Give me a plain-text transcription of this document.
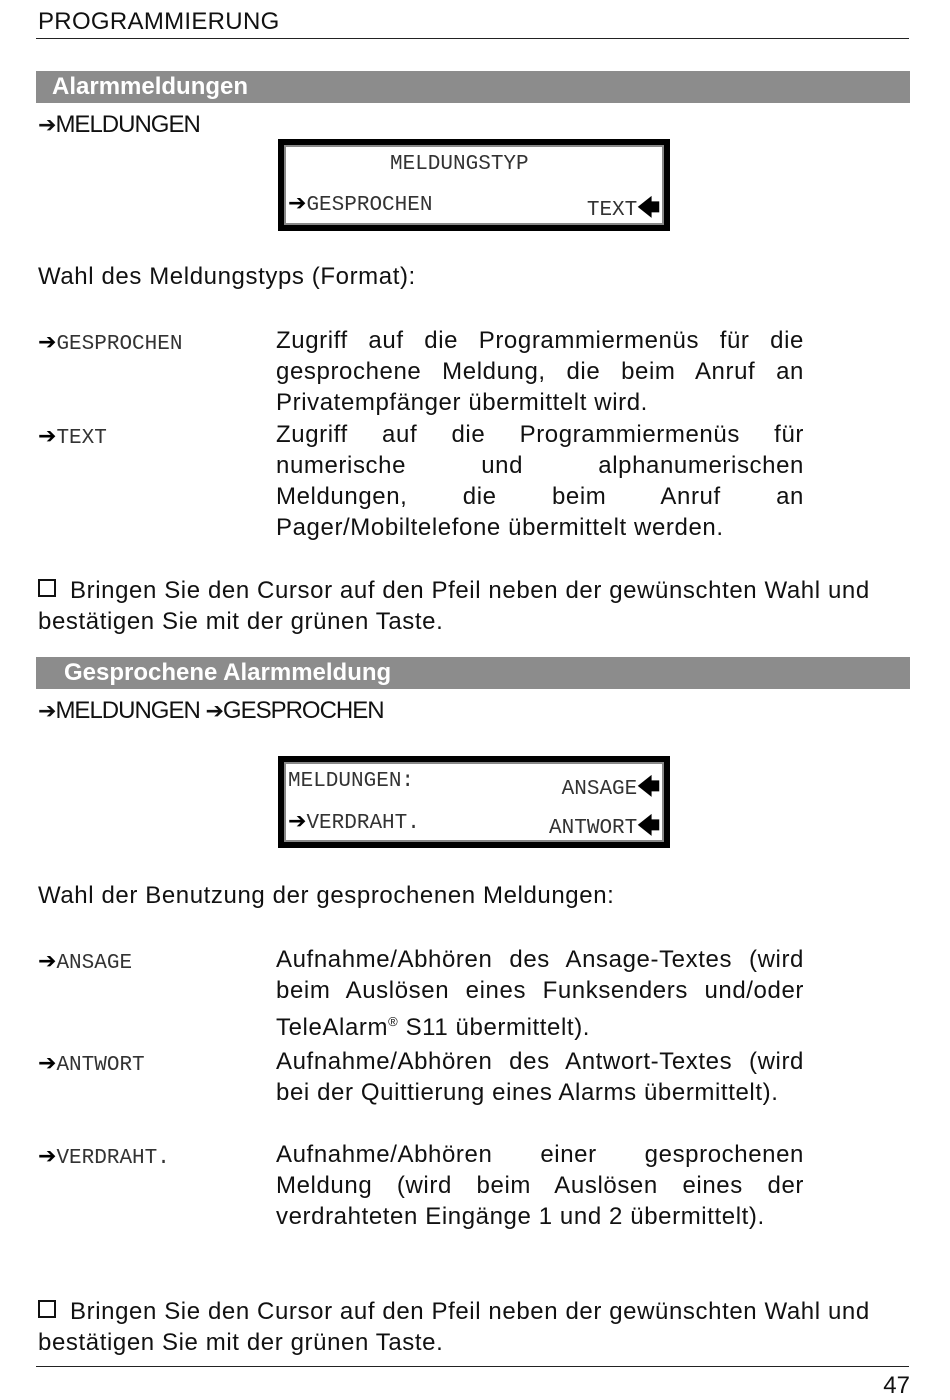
PROGRAMMIERUNG
Alarmmeldungen
➔MELDUNGEN
MELDUNGSTYP
➔GESPROCHEN	TEXT🡄
Wahl des Meldungstyps (Format):
➔GESPROCHEN	Zugriff auf die Programmiermenüs für die gesprochene Meldung, die beim Anruf an Privatempfänger übermittelt wird.
➔TEXT	Zugriff auf die Programmiermenüs für numerische und alphanumerischen Meldungen, die beim Anruf an Pager/Mobiltelefone übermittelt werden.
Bringen Sie den Cursor auf den Pfeil neben der gewünschten Wahl und bestätigen Sie mit der grünen Taste.
Gesprochene Alarmmeldung
➔MELDUNGEN ➔GESPROCHEN
MELDUNGEN:	ANSAGE🡄
➔VERDRAHT.	ANTWORT🡄
Wahl der Benutzung der gesprochenen Meldungen:
➔ANSAGE	Aufnahme/Abhören des Ansage-Textes (wird beim Auslösen eines Funksenders und/oder TeleAlarm® S11 übermittelt).
➔ANTWORT	Aufnahme/Abhören des Antwort-Textes (wird bei der Quittierung eines Alarms übermittelt).
➔VERDRAHT.	Aufnahme/Abhören einer gesprochenen Meldung (wird beim Auslösen eines der verdrahteten Eingänge 1 und 2 übermittelt).
Bringen Sie den Cursor auf den Pfeil neben der gewünschten Wahl und bestätigen Sie mit der grünen Taste.
47
